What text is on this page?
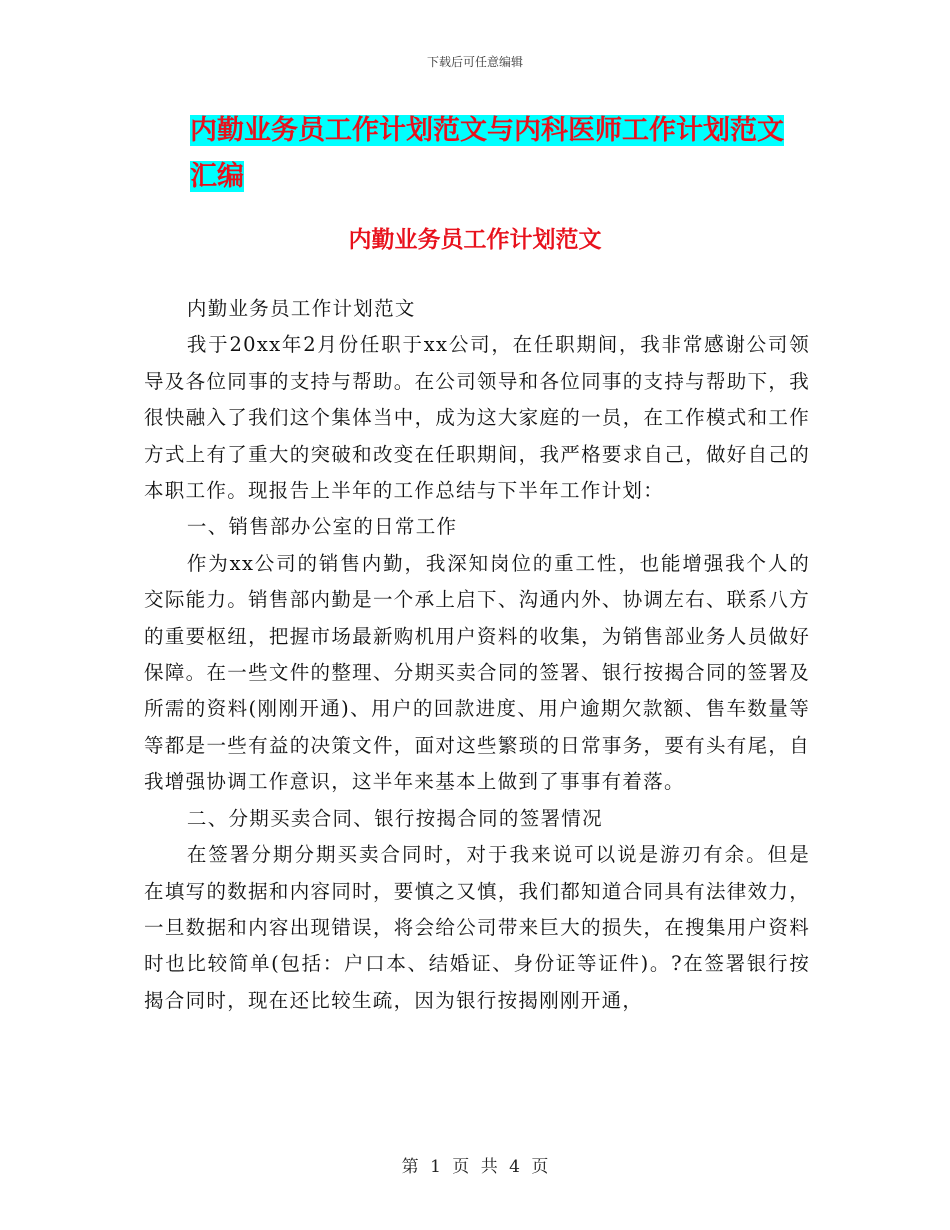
下载后可任意编辑
内勤业务员工作计划范文与内科医师工作计划范文汇编
内勤业务员工作计划范文

内勤业务员工作计划范文

我于20xx年2月份任职于xx公司，在任职期间，我非常感谢公司领导及各位同事的支持与帮助。在公司领导和各位同事的支持与帮助下，我很快融入了我们这个集体当中，成为这大家庭的一员，在工作模式和工作方式上有了重大的突破和改变在任职期间，我严格要求自己，做好自己的本职工作。现报告上半年的工作总结与下半年工作计划：

一、销售部办公室的日常工作

作为xx公司的销售内勤，我深知岗位的重工性，也能增强我个人的交际能力。销售部内勤是一个承上启下、沟通内外、协调左右、联系八方的重要枢纽，把握市场最新购机用户资料的收集，为销售部业务人员做好保障。在一些文件的整理、分期买卖合同的签署、银行按揭合同的签署及所需的资料(刚刚开通)、用户的回款进度、用户逾期欠款额、售车数量等等都是一些有益的决策文件，面对这些繁琐的日常事务，要有头有尾，自我增强协调工作意识，这半年来基本上做到了事事有着落。

二、分期买卖合同、银行按揭合同的签署情况

在签署分期分期买卖合同时，对于我来说可以说是游刃有余。但是在填写的数据和内容同时，要慎之又慎，我们都知道合同具有法律效力，一旦数据和内容出现错误，将会给公司带来巨大的损失，在搜集用户资料时也比较简单(包括：户口本、结婚证、身份证等证件)。?在签署银行按揭合同时，现在还比较生疏，因为银行按揭刚刚开通，

第 1 页 共 4 页
